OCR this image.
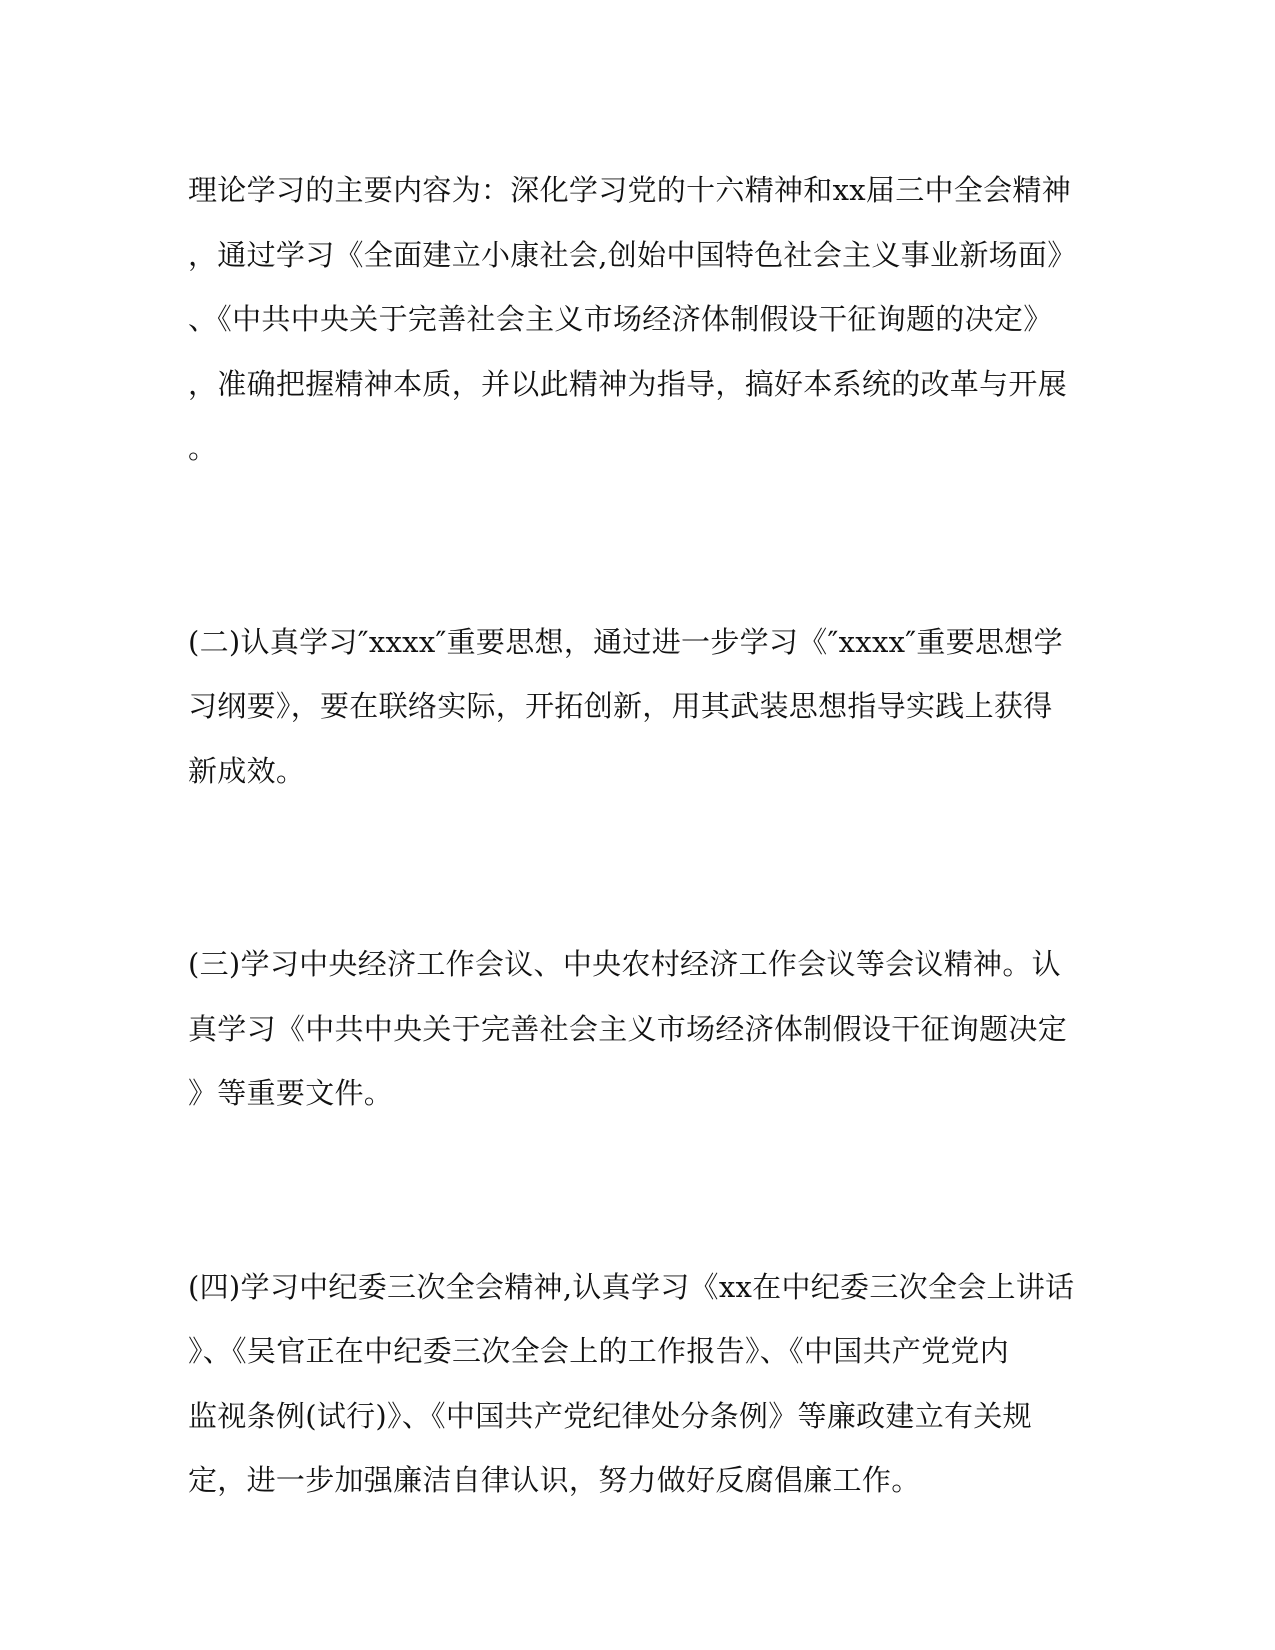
理论学习的主要内容为：深化学习党的十六精神和xx届三中全会精神
，通过学习《全面建立小康社会,创始中国特色社会主义事业新场面》
、《中共中央关于完善社会主义市场经济体制假设干征询题的决定》
，准确把握精神本质，并以此精神为指导，搞好本系统的改革与开展
。
(二)认真学习″xxxx″重要思想，通过进一步学习《″xxxx″重要思想学
习纲要》，要在联络实际，开拓创新，用其武装思想指导实践上获得
新成效。
(三)学习中央经济工作会议、中央农村经济工作会议等会议精神。认
真学习《中共中央关于完善社会主义市场经济体制假设干征询题决定
》等重要文件。
(四)学习中纪委三次全会精神,认真学习《xx在中纪委三次全会上讲话
》、《吴官正在中纪委三次全会上的工作报告》、《中国共产党党内
监视条例(试行)》、《中国共产党纪律处分条例》等廉政建立有关规
定，进一步加强廉洁自律认识，努力做好反腐倡廉工作。
